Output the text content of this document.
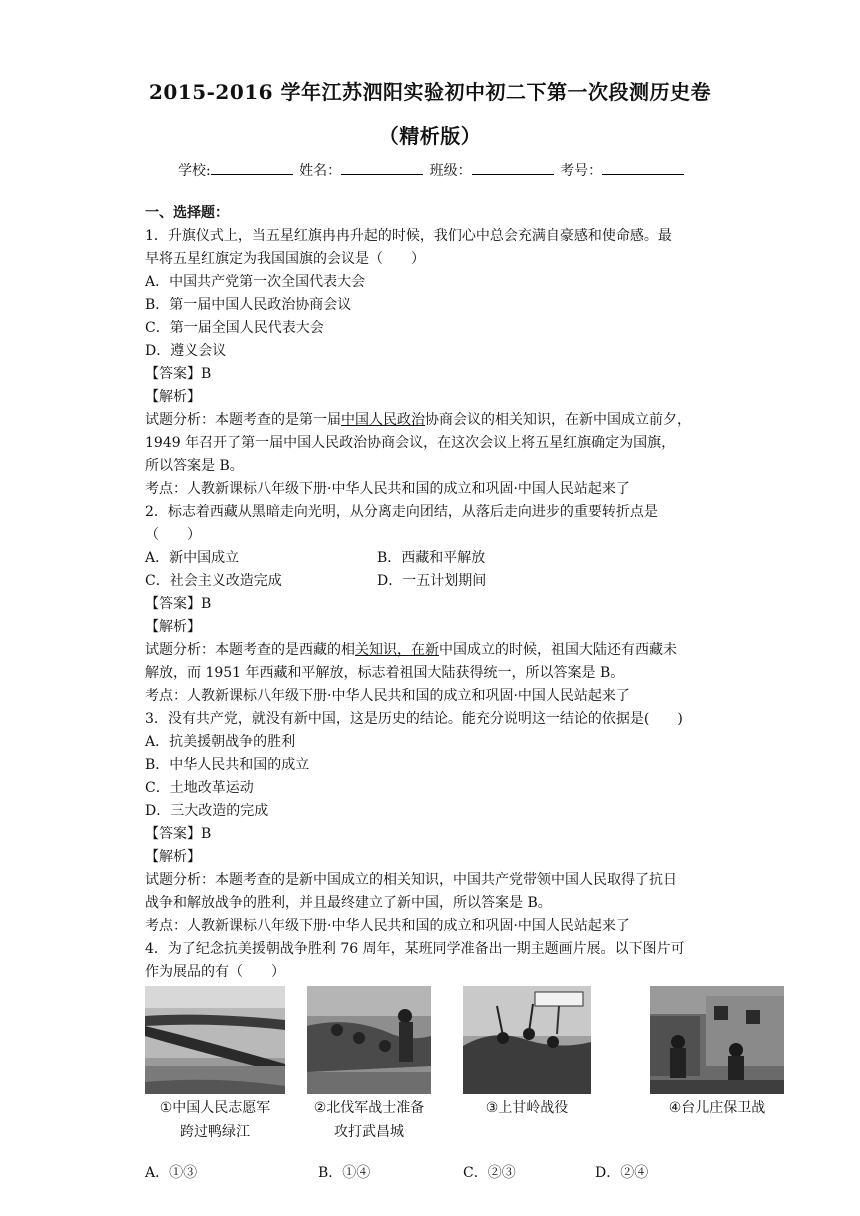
2015-2016 学年江苏泗阳实验初中初二下第一次段测历史卷
（精析版）
学校:	姓名：	班级：	考号：
一、选择题：
1．升旗仪式上，当五星红旗冉冉升起的时候，我们心中总会充满自豪感和使命感。最
早将五星红旗定为我国国旗的会议是（　　）
A．中国共产党第一次全国代表大会
B．第一届中国人民政治协商会议
C．第一届全国人民代表大会
D．遵义会议
【答案】B
【解析】
试题分析：本题考查的是第一届中国人民政治协商会议的相关知识，在新中国成立前夕，
1949 年召开了第一届中国人民政治协商会议，在这次会议上将五星红旗确定为国旗，
所以答案是 B。
考点：人教新课标八年级下册·中华人民共和国的成立和巩固·中国人民站起来了
2．标志着西藏从黑暗走向光明，从分离走向团结，从落后走向进步的重要转折点是
（　　）
A．新中国成立	B．西藏和平解放
C．社会主义改造完成	D．一五计划期间
【答案】B
【解析】
试题分析：本题考查的是西藏的相关知识，在新中国成立的时候，祖国大陆还有西藏未
解放，而 1951 年西藏和平解放，标志着祖国大陆获得统一，所以答案是 B。
考点：人教新课标八年级下册·中华人民共和国的成立和巩固·中国人民站起来了
3．没有共产党，就没有新中国，这是历史的结论。能充分说明这一结论的依据是(　　)
A．抗美援朝战争的胜利
B．中华人民共和国的成立
C．土地改革运动
D．三大改造的完成
【答案】B
【解析】
试题分析：本题考查的是新中国成立的相关知识，中国共产党带领中国人民取得了抗日
战争和解放战争的胜利，并且最终建立了新中国，所以答案是 B。
考点：人教新课标八年级下册·中华人民共和国的成立和巩固·中国人民站起来了
4．为了纪念抗美援朝战争胜利 76 周年，某班同学准备出一期主题画片展。以下图片可
作为展品的有（　　）
①中国人民志愿军
跨过鸭绿江
②北伐军战士准备
攻打武昌城
③上甘岭战役	④台儿庄保卫战
A．①③	B．①④	C．②③	D．②④
